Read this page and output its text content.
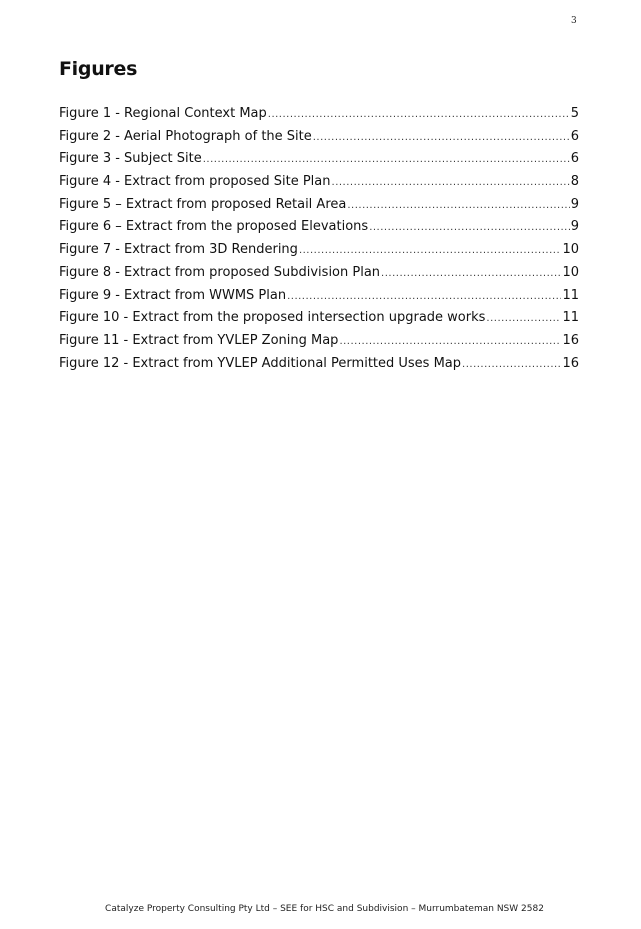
3
Figures
Figure 1 - Regional Context Map .....	5
Figure 2 - Aerial Photograph of the Site .....	6
Figure 3 - Subject Site .....	6
Figure 4 - Extract from proposed Site Plan .....	8
Figure 5 – Extract from proposed Retail Area .....	9
Figure 6 – Extract from the proposed Elevations .....	9
Figure 7 - Extract from 3D Rendering .....	10
Figure 8 - Extract from proposed Subdivision Plan .....	10
Figure 9 - Extract from WWMS Plan .....	11
Figure 10 - Extract from the proposed intersection upgrade works .....	11
Figure 11 - Extract from YVLEP Zoning Map .....	16
Figure 12 - Extract from YVLEP Additional Permitted Uses Map .....	16
Catalyze Property Consulting Pty Ltd – SEE for HSC and Subdivision – Murrumbateman NSW 2582
